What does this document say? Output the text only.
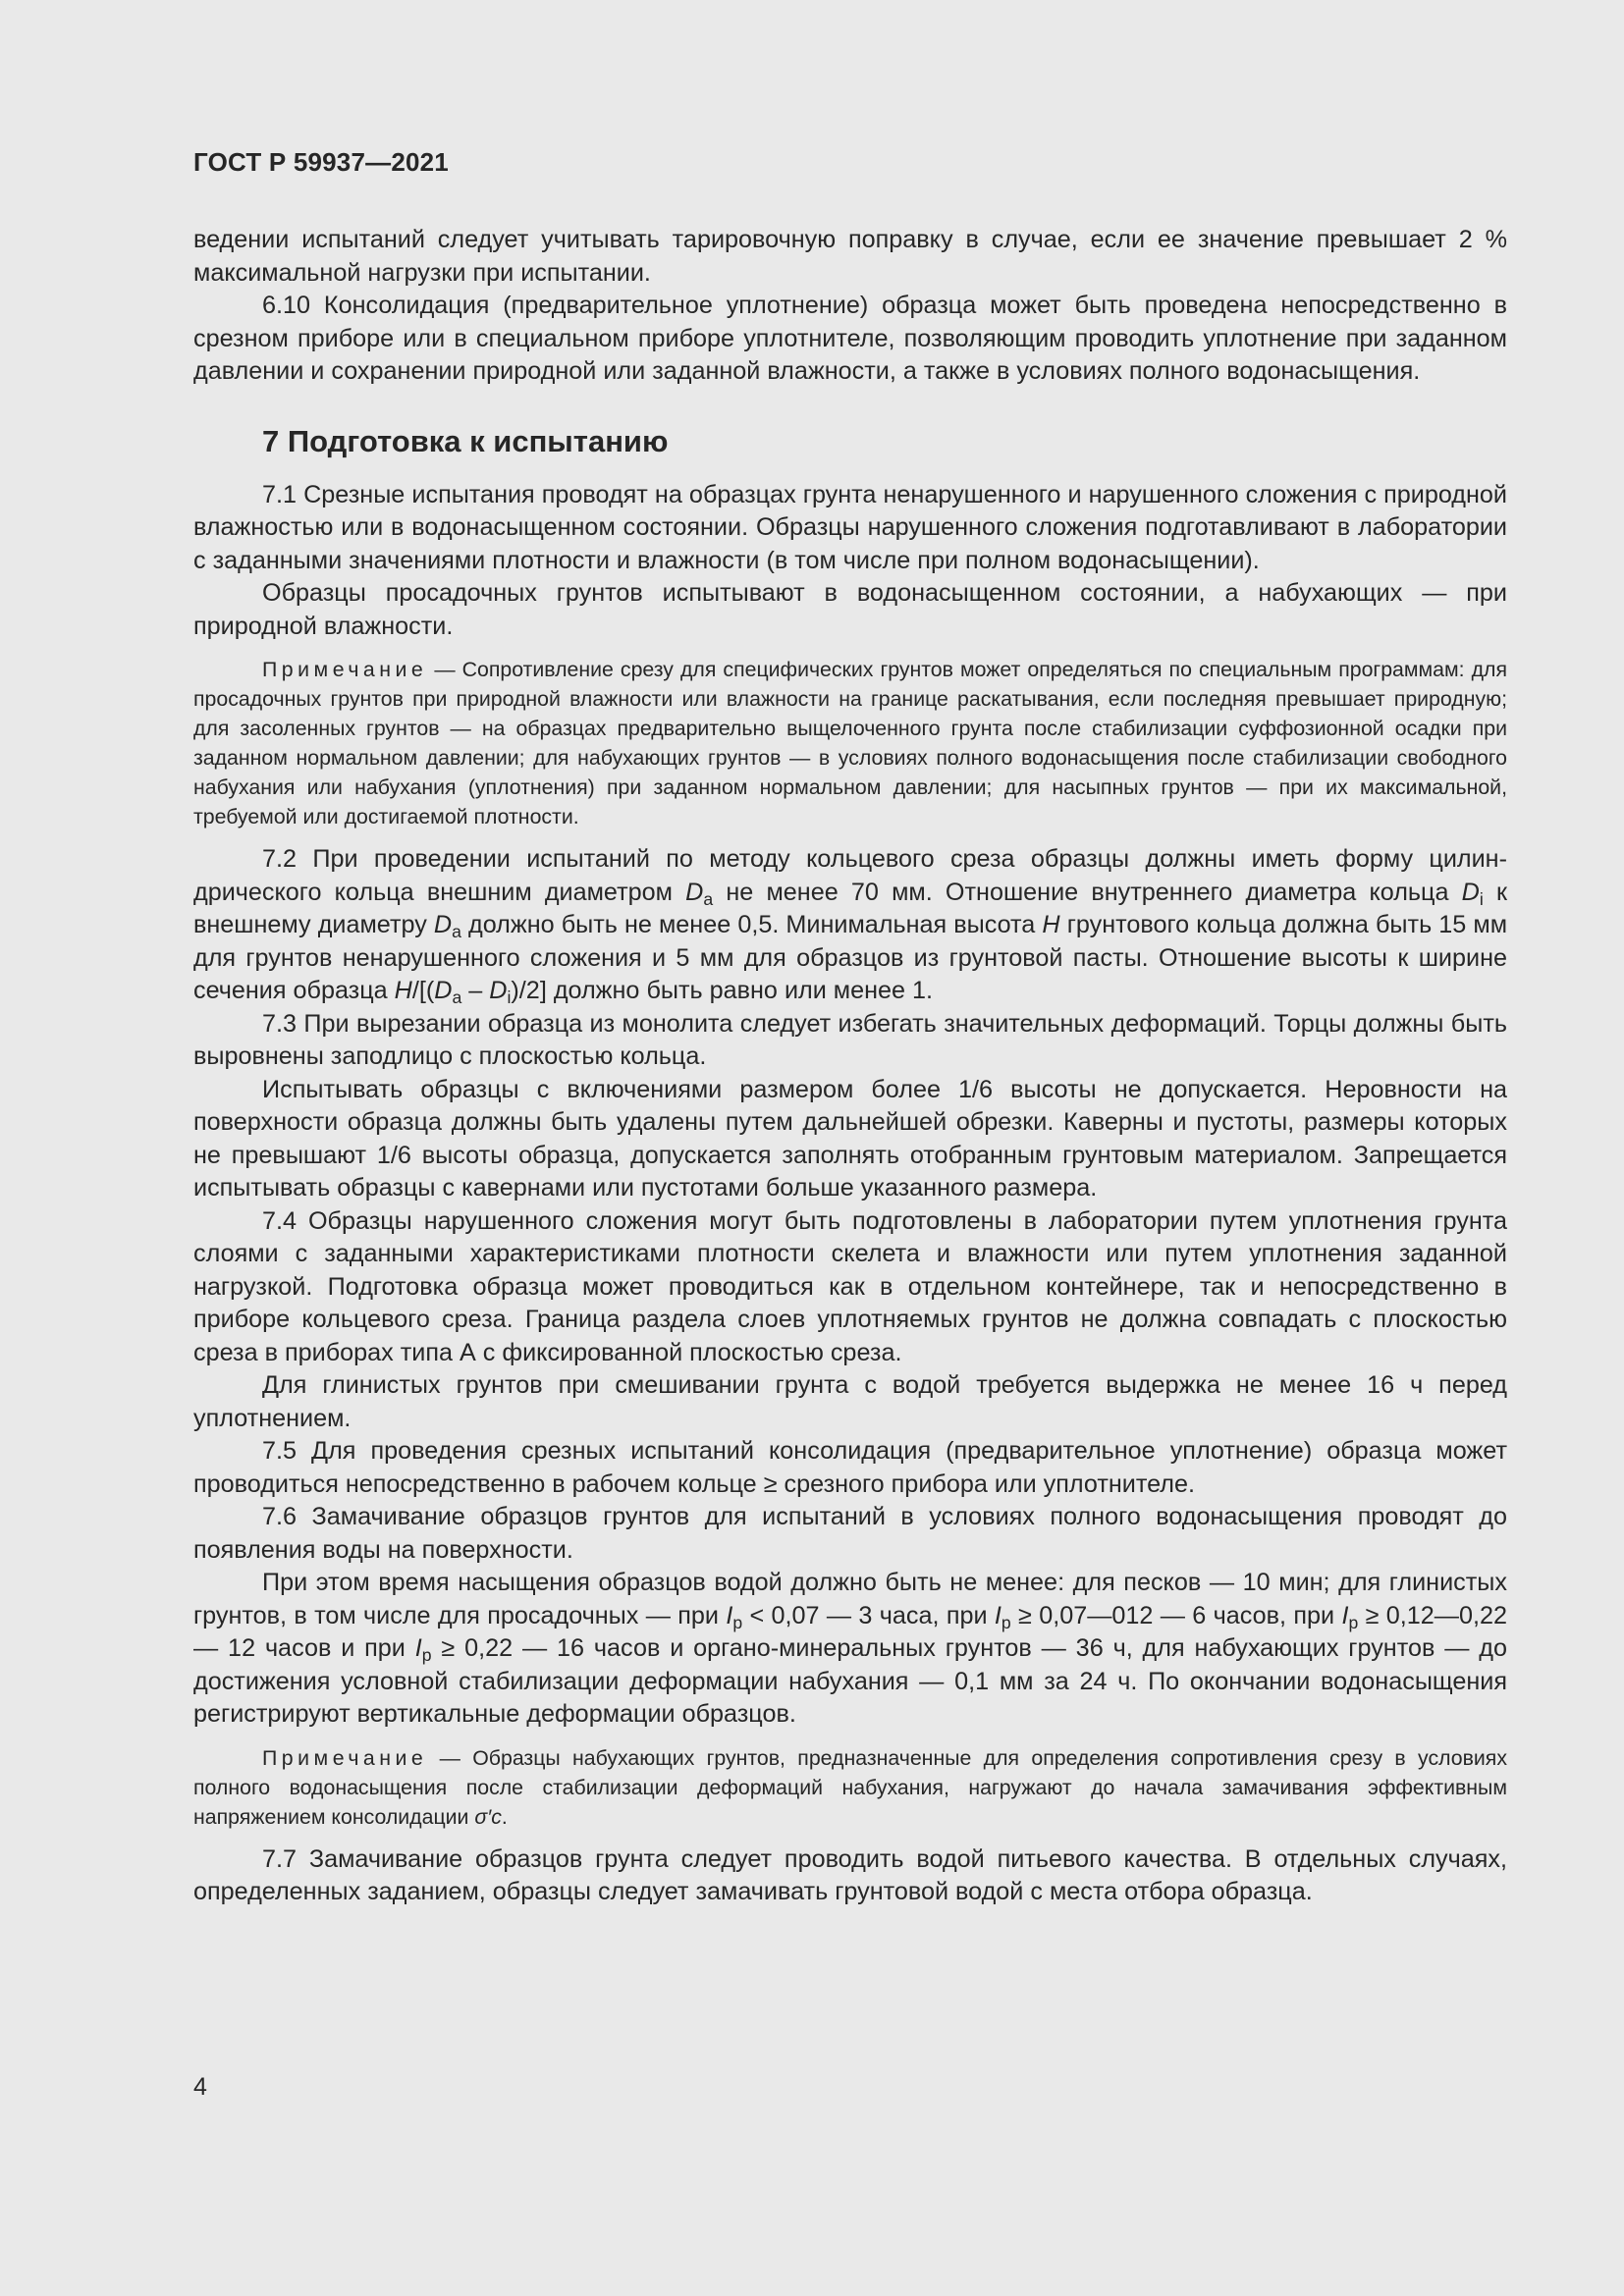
ГОСТ Р 59937—2021

ведении испытаний следует учитывать тарировочную поправку в случае, если ее значение превышает 2 % максимальной нагрузки при испытании.

6.10 Консолидация (предварительное уплотнение) образца может быть проведена непосредственно в срезном приборе или в специальном приборе уплотнителе, позволяющим проводить уплотнение при заданном давлении и сохранении природной или заданной влажности, а также в условиях полного водонасыщения.

7 Подготовка к испытанию

7.1 Срезные испытания проводят на образцах грунта ненарушенного и нарушенного сложения с природной влажностью или в водонасыщенном состоянии. Образцы нарушенного сложения подготавливают в лаборатории с заданными значениями плотности и влажности (в том числе при полном водонасыщении).

Образцы просадочных грунтов испытывают в водонасыщенном состоянии, а набухающих — при природной влажности.

Примечание — Сопротивление срезу для специфических грунтов может определяться по специальным программам: для просадочных грунтов при природной влажности или влажности на границе раскатывания, если последняя превышает природную; для засоленных грунтов — на образцах предварительно выщелоченного грунта после стабилизации суффозионной осадки при заданном нормальном давлении; для набухающих грунтов — в условиях полного водонасыщения после стабилизации свободного набухания или набухания (уплотнения) при заданном нормальном давлении; для насыпных грунтов — при их максимальной, требуемой или достигаемой плотности.

7.2 При проведении испытаний по методу кольцевого среза образцы должны иметь форму цилиндрического кольца внешним диаметром $D_a$ не менее 70 мм. Отношение внутреннего диаметра кольца $D_i$ к внешнему диаметру $D_a$ должно быть не менее 0,5. Минимальная высота H грунтового кольца должна быть 15 мм для грунтов ненарушенного сложения и 5 мм для образцов из грунтовой пасты. Отношение высоты к ширине сечения образца $H/[(D_a - D_i)/2]$ должно быть равно или менее 1.

7.3 При вырезании образца из монолита следует избегать значительных деформаций. Торцы должны быть выровнены заподлицо с плоскостью кольца.

Испытывать образцы с включениями размером более 1/6 высоты не допускается. Неровности на поверхности образца должны быть удалены путем дальнейшей обрезки. Каверны и пустоты, размеры которых не превышают 1/6 высоты образца, допускается заполнять отобранным грунтовым материалом. Запрещается испытывать образцы с кавернами или пустотами больше указанного размера.

7.4 Образцы нарушенного сложения могут быть подготовлены в лаборатории путем уплотнения грунта слоями с заданными характеристиками плотности скелета и влажности или путем уплотнения заданной нагрузкой. Подготовка образца может проводиться как в отдельном контейнере, так и непосредственно в приборе кольцевого среза. Граница раздела слоев уплотняемых грунтов не должна совпадать с плоскостью среза в приборах типа А с фиксированной плоскостью среза.

Для глинистых грунтов при смешивании грунта с водой требуется выдержка не менее 16 ч перед уплотнением.

7.5 Для проведения срезных испытаний консолидация (предварительное уплотнение) образца может проводиться непосредственно в рабочем кольце ≥ срезного прибора или уплотнителе.

7.6 Замачивание образцов грунтов для испытаний в условиях полного водонасыщения проводят до появления воды на поверхности.

При этом время насыщения образцов водой должно быть не менее: для песков — 10 мин; для глинистых грунтов, в том числе для просадочных — при $I_p < 0,07$ — 3 часа, при $I_p$ ≥ 0,07—012 — 6 часов, при $I_p$ ≥ 0,12—0,22 — 12 часов и при $I_p \ge 0,22$ — 16 часов и органо-минеральных грунтов — 36 ч, для набухающих грунтов — до достижения условной стабилизации деформации набухания — 0,1 мм за 24 ч. По окончании водонасыщения регистрируют вертикальные деформации образцов.

Примечание — Образцы набухающих грунтов, предназначенные для определения сопротивления срезу в условиях полного водонасыщения после стабилизации деформаций набухания, нагружают до начала замачивания эффективным напряжением консолидации σ′c.

7.7 Замачивание образцов грунта следует проводить водой питьевого качества. В отдельных случаях, определенных заданием, образцы следует замачивать грунтовой водой с места отбора образца.

4
